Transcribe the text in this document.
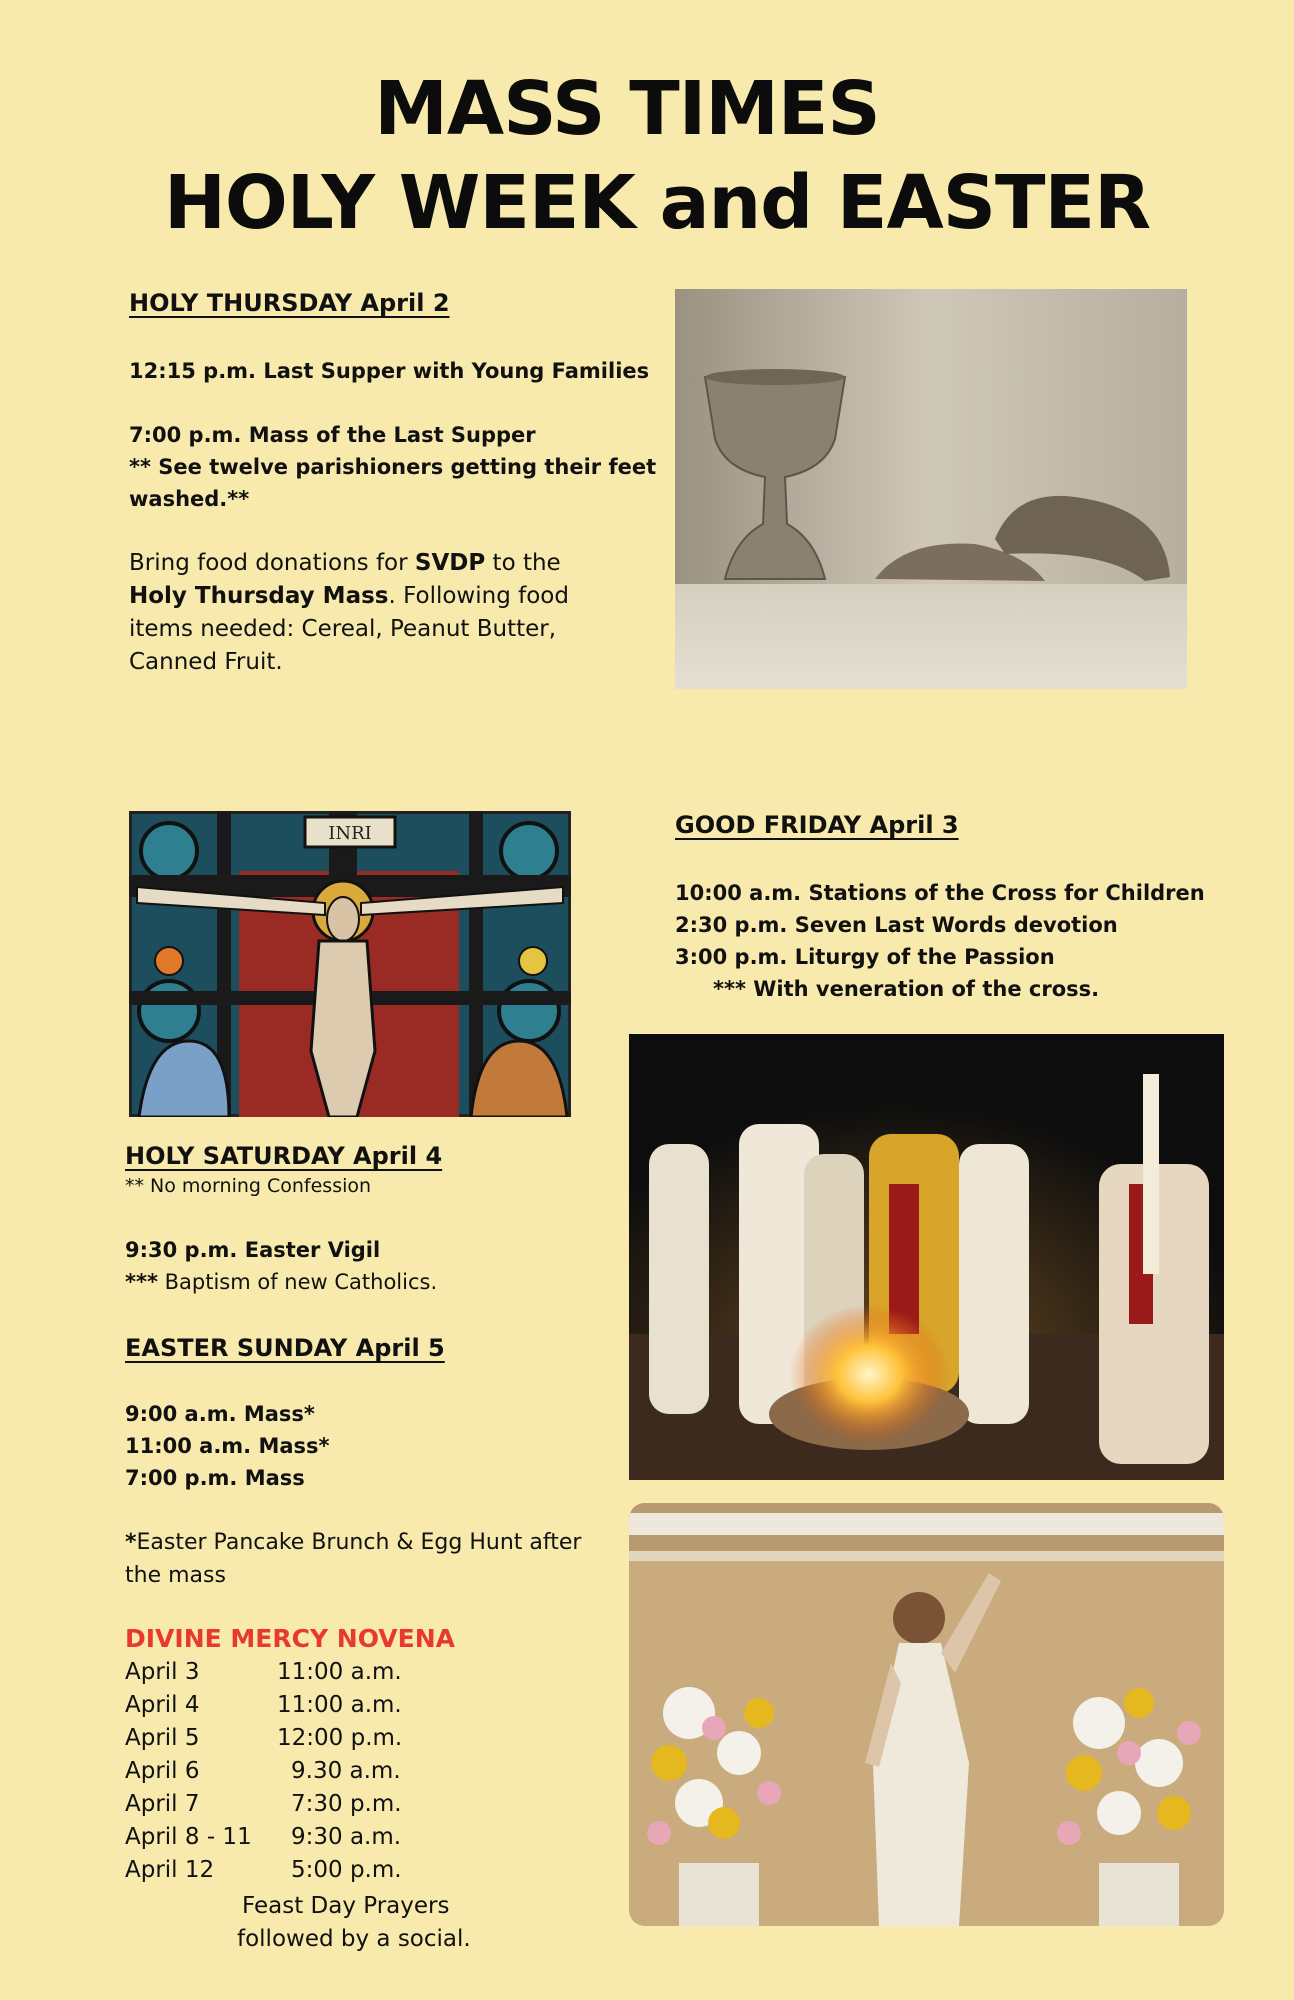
MASS TIMES
HOLY WEEK and EASTER
HOLY THURSDAY April 2
12:15 p.m. Last Supper with Young Families
7:00 p.m. Mass of the Last Supper
** See twelve parishioners getting their feet
washed.**
Bring food donations for SVDP to the
Holy Thursday Mass. Following food items needed: Cereal, Peanut Butter, Canned Fruit.
INRI	GOOD FRIDAY April 3
10:00 a.m. Stations of the Cross for Children
2:30 p.m. Seven Last Words devotion
3:00 p.m. Liturgy of the Passion
*** With veneration of the cross.
HOLY SATURDAY April 4
** No morning Confession
9:30 p.m. Easter Vigil
*** Baptism of new Catholics.
EASTER SUNDAY April 5
9:00 a.m. Mass*
11:00 a.m. Mass*
7:00 p.m. Mass
*Easter Pancake Brunch & Egg Hunt after the mass
DIVINE MERCY NOVENA
April 3	11:00 a.m.
April 4	11:00 a.m.
April 5	12:00 p.m.
April 6	9.30 a.m.
April 7	7:30 p.m.
April 8 - 11 9:30 a.m.
April 12	5:00 p.m.
Feast Day Prayers
followed by a social.
